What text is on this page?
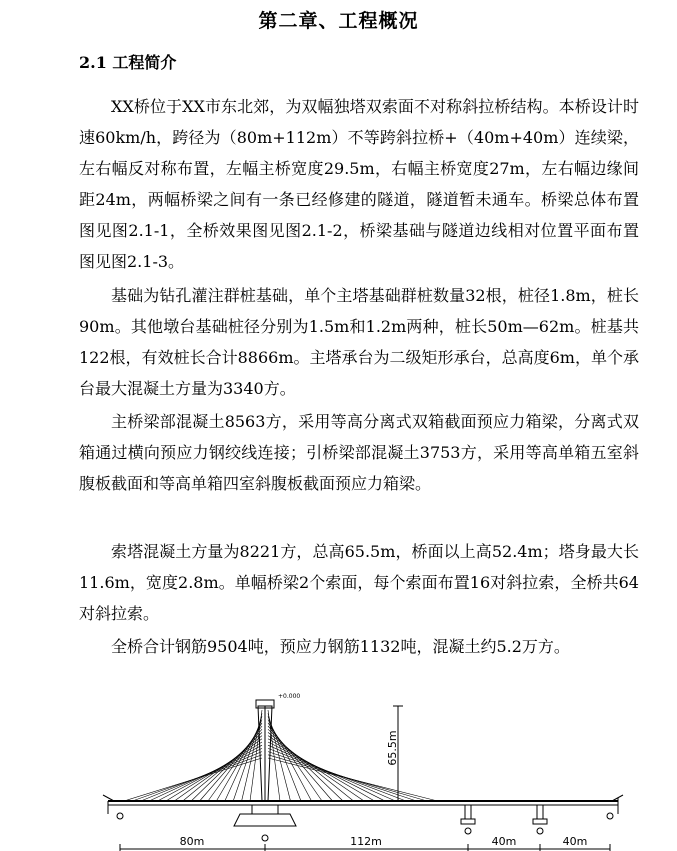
第二章、工程概况
2.1 工程简介

XX桥位于XX市东北郊，为双幅独塔双索面不对称斜拉桥结构。本桥设计时速60km/h，跨径为（80m+112m）不等跨斜拉桥+（40m+40m）连续梁，左右幅反对称布置，左幅主桥宽度29.5m，右幅主桥宽度27m，左右幅边缘间距24m，两幅桥梁之间有一条已经修建的隧道，隧道暂未通车。桥梁总体布置图见图2.1-1，全桥效果图见图2.1-2，桥梁基础与隧道边线相对位置平面布置图见图2.1-3。

基础为钻孔灌注群桩基础，单个主塔基础群桩数量32根，桩径1.8m，桩长90m。其他墩台基础桩径分别为1.5m和1.2m两种，桩长50m—62m。桩基共122根，有效桩长合计8866m。主塔承台为二级矩形承台，总高度6m，单个承台最大混凝土方量为3340方。

主桥梁部混凝土8563方，采用等高分离式双箱截面预应力箱梁，分离式双箱通过横向预应力钢绞线连接；引桥梁部混凝土3753方，采用等高单箱五室斜腹板截面和等高单箱四室斜腹板截面预应力箱梁。

索塔混凝土方量为8221方，总高65.5m，桥面以上高52.4m；塔身最大长11.6m，宽度2.8m。单幅桥梁2个索面，每个索面布置16对斜拉索，全桥共64对斜拉索。

全桥合计钢筋9504吨，预应力钢筋1132吨，混凝土约5.2万方。

+0.000
65.5m
80m	112m	40m	40m
